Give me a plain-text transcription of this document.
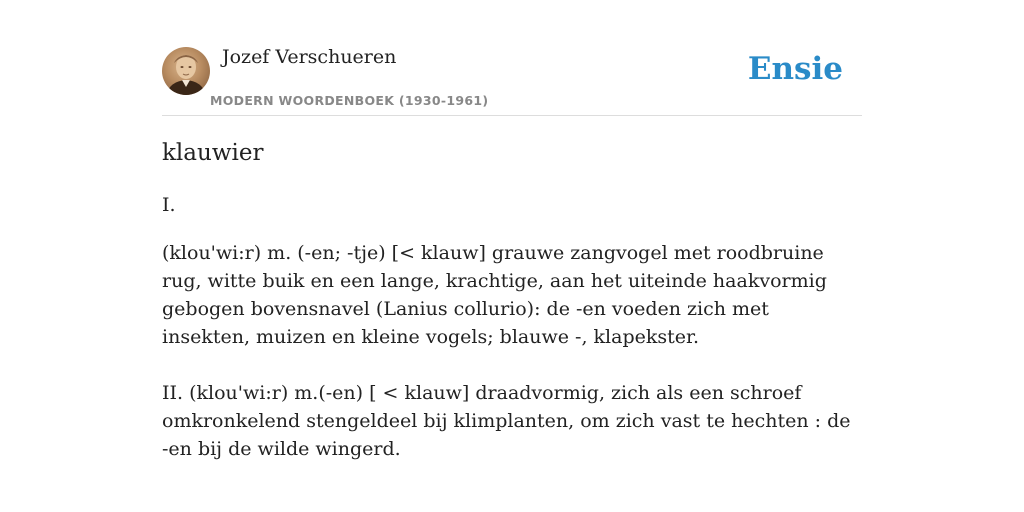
Jozef Verschueren
MODERN WOORDENBOEK (1930-1961)
Ensie
klauwier
I.

(klou'wi:r) m. (-en; -tje) [< klauw] grauwe zangvogel met roodbruine rug, witte buik en een lange, krachtige, aan het uiteinde haakvormig gebogen bovensnavel (Lanius collurio): de -en voeden zich met insekten, muizen en kleine vogels; blauwe -, klapekster.

II. (klou'wi:r) m.(-en) [ < klauw] draadvormig, zich als een schroef omkronkelend stengeldeel bij klimplanten, om zich vast te hechten : de -en bij de wilde wingerd.
